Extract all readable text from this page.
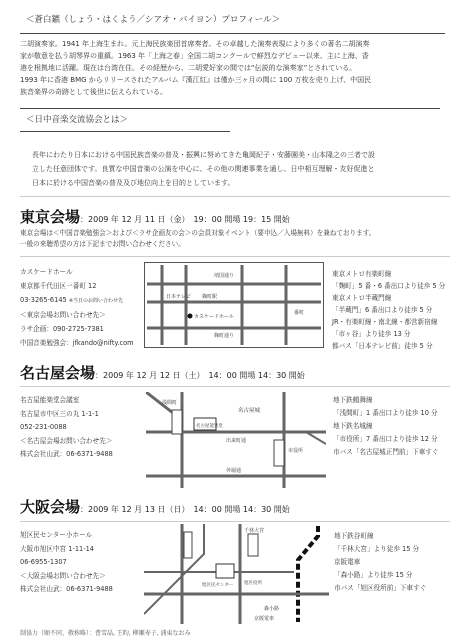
＜蒼白鑣（しょう・はくよう／シアオ・バイヨン）プロフィール＞
二胡演奏家。1941 年上海生まれ。元上海民族楽団首席奏者。その卓越した演奏表現により多くの著名二胡演奏
家が敬意を払う胡琴界の重鎮。1963 年「上海之春」全国二胡コンクールで鮮烈なデビュー以来、主に上海、香
港を根拠地に活躍。現在は台湾在住。その経歴から、二胡愛好家の間では“伝説的な演奏家”とされている。
1993 年に香港 BMG からリリースされたアルバム『漢江紅』は僅か三ヶ月の間に 100 万枚を売り上げ、中国民
族音楽界の奇跡として後世に伝えられている。
＜日中音楽交流協会とは＞
長年にわたり日本における中国民族音楽の普及・振興に努めてきた亀岡紀子・安藤園美・山本隆之の三者で設
立した任意団体です。良質な中国音楽の公演を中心に、その他の関連事業を通し、日中相互理解・友好促進と
日本に於ける中国音楽の普及及び地位向上を目的としています。
東京会場：2009 年 12 月 11 日（金）　19：00 開場 19：15 開始
東京会場は＜中国音楽勉強会＞および＜ラサ企画友の会＞の会員対象イベント（要申込／入場無料）を兼ねております。
一般の来聴希望の方は下記までお問い合わせください。
カスケードホール
東京都千代田区一番町 12
03-3265-6145 ※当日のお問い合わせ先
＜東京会場お問い合わせ先＞
ラサ企画：090-2725-7381
中国音楽勉強会：jfkando@nifty.com
靖国通り
日本テレビ 麹町駅
カスケードホール
麹町通り
番町
東京メトロ有楽町線
「麹町」5 番・6 番出口より徒歩 5 分
東京メトロ半蔵門線
「半蔵門」6 番出口より徒歩 5 分
JR・有楽町線・南北線・都営新宿線
「市ヶ谷」より徒歩 13 分
都バス「日本テレビ前」徒歩 5 分
名古屋会場：2009 年 12 月 12 日（土）　14：00 開場 14：30 開始
名古屋能楽堂会議室
名古屋市中区三の丸 1-1-1
052-231-0088
＜名古屋会場お問い合わせ先＞
株式会社山武：06-6371-9488
名古屋城
名古屋能楽堂
浅間町
市役所
出来町通
外堀通
地下鉄鶴舞線
「浅間町」1 番出口より徒歩 10 分
地下鉄名城線
「市役所」7 番出口より徒歩 12 分
市バス「名古屋城正門前」下車すぐ
大阪会場：2009 年 12 月 13 日（日）　14：00 開場 14：30 開始
旭区民センター小ホール
大阪市旭区中宮 1-11-14
06-6955-1307
＜大阪会場お問い合わせ先＞
株式会社山武：06-6371-9488
千林大宮
旭区民センター 旭区役所
森小路
京阪電車
地下鉄谷町線
「千林大宮」より徒歩 15 分
京阪電車
「森小路」より徒歩 15 分
市バス「旭区役所前」下車すぐ
制協力（順不同、敬称略）：曹雪晶, 王昀, 柳瀬寿子, 浦東なおみ
